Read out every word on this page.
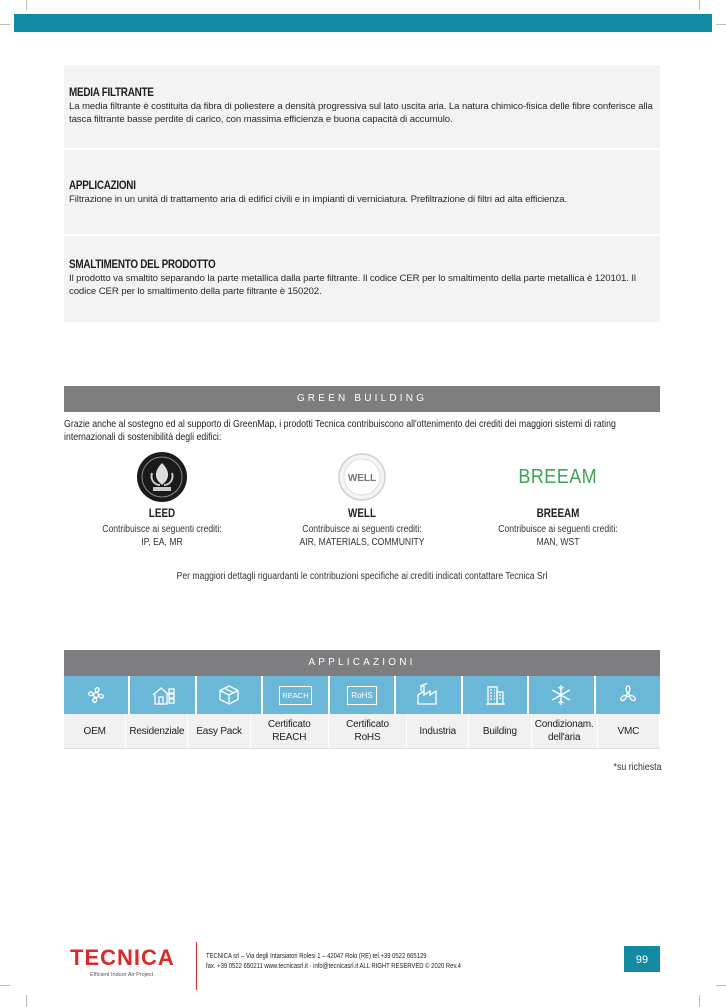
MEDIA FILTRANTE
La media filtrante è costituita da fibra di poliestere a densità progressiva sul lato uscita aria. La natura chimico-fisica delle fibre conferisce alla tasca filtrante basse perdite di carico, con massima efficienza e buona capacità di accumulo.
APPLICAZIONI
Filtrazione in un unità di trattamento aria di edifici civili e in impianti di verniciatura. Prefiltrazione di filtri ad alta efficienza.
SMALTIMENTO DEL PRODOTTO
Il prodotto va smaltito separando la parte metallica dalla parte filtrante. Il codice CER per lo smaltimento della parte metallica è 120101. Il codice CER per lo smaltimento della parte filtrante è 150202.
GREEN BUILDING
Grazie anche al sostegno ed al supporto di GreenMap, i prodotti Tecnica contribuiscono all'ottenimento dei crediti dei maggiori sistemi di rating internazionali di sostenibilità degli edifici:
LEED
Contribuisce ai seguenti crediti:
IP, EA, MR
WELL
WELL
Contribuisce ai seguenti crediti:
AIR, MATERIALS, COMMUNITY
BREEAM
BREEAM
Contribuisce ai seguenti crediti:
MAN, WST
Per maggiori dettagli riguardanti le contribuzioni specifiche ai crediti indicati contattare Tecnica Srl
APPLICAZIONI
REACH	RoHS
OEM	Residenziale	Easy Pack
Certificato REACH
Certificato RoHS
Industria	Building
Condizionam. dell'aria
VMC
*su richiesta
TECNICA
Efficient Indoor Air Project
TECNICA srl – Via degli Intarsiatori Rolesi 1 – 42047 Rolo (RE) tel.+39 0522 665129
fax. +39 0522 650211 www.tecnicasrl.it · info@tecnicasrl.it ALL RIGHT RESERVED © 2020 Rev.4	99
